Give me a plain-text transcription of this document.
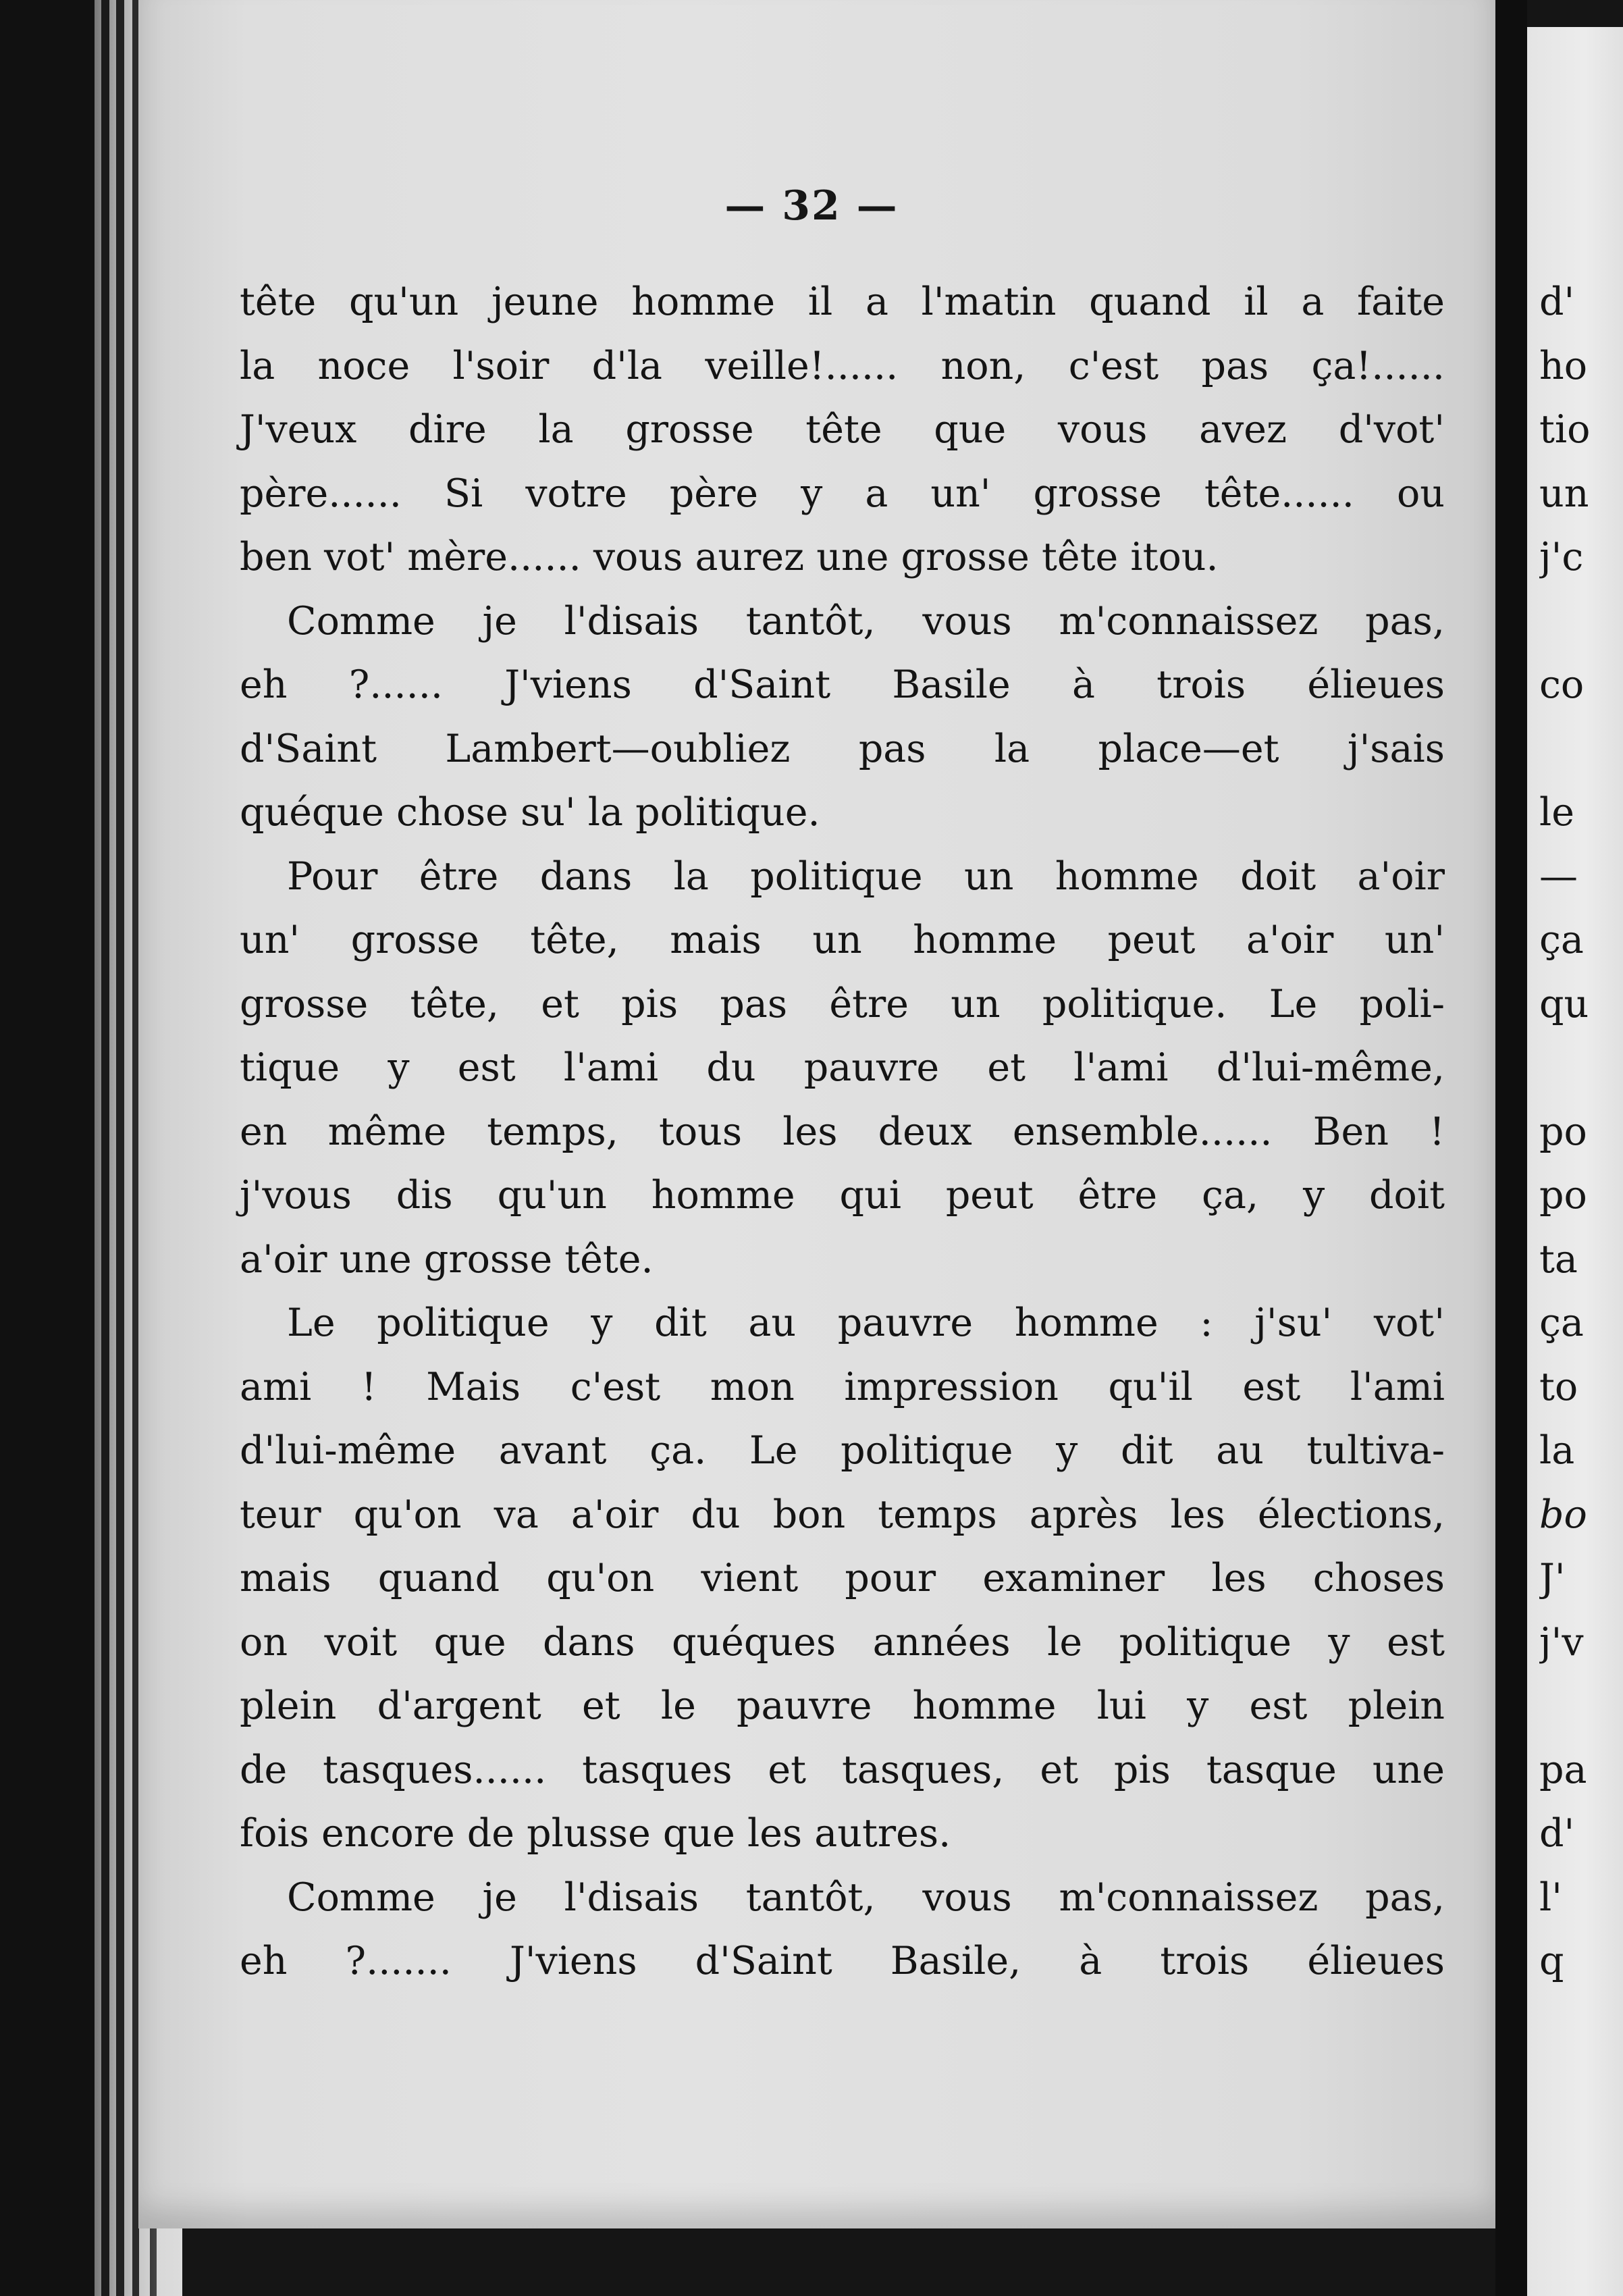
— 32 —
tête qu'un jeune homme il a l'matin quand il a faite
la noce l'soir d'la veille!...... non, c'est pas ça!......
J'veux dire la grosse tête que vous avez d'vot'
père...... Si votre père y a un' grosse tête...... ou
ben vot' mère...... vous aurez une grosse tête itou.
Comme je l'disais tantôt, vous m'connaissez pas,
eh ?...... J'viens d'Saint Basile à trois élieues
d'Saint Lambert—oubliez pas la place—et j'sais
quéque chose su' la politique.
Pour être dans la politique un homme doit a'oir
un' grosse tête, mais un homme peut a'oir un'
grosse tête, et pis pas être un politique. Le poli-
tique y est l'ami du pauvre et l'ami d'lui-même,
en même temps, tous les deux ensemble...... Ben !
j'vous dis qu'un homme qui peut être ça, y doit
a'oir une grosse tête.
Le politique y dit au pauvre homme : j'su' vot'
ami ! Mais c'est mon impression qu'il est l'ami
d'lui-même avant ça. Le politique y dit au tultiva-
teur qu'on va a'oir du bon temps après les élections,
mais quand qu'on vient pour examiner les choses
on voit que dans quéques années le politique y est
plein d'argent et le pauvre homme lui y est plein
de tasques...... tasques et tasques, et pis tasque une
fois encore de plusse que les autres.
Comme je l'disais tantôt, vous m'connaissez pas,
eh ?....... J'viens d'Saint Basile, à trois élieues
d'
ho
tio
un
j'c
co
le
—
ça
qu
po
po
ta
ça
to
la
bo
J'
j'v
pa
d'
l'
q
